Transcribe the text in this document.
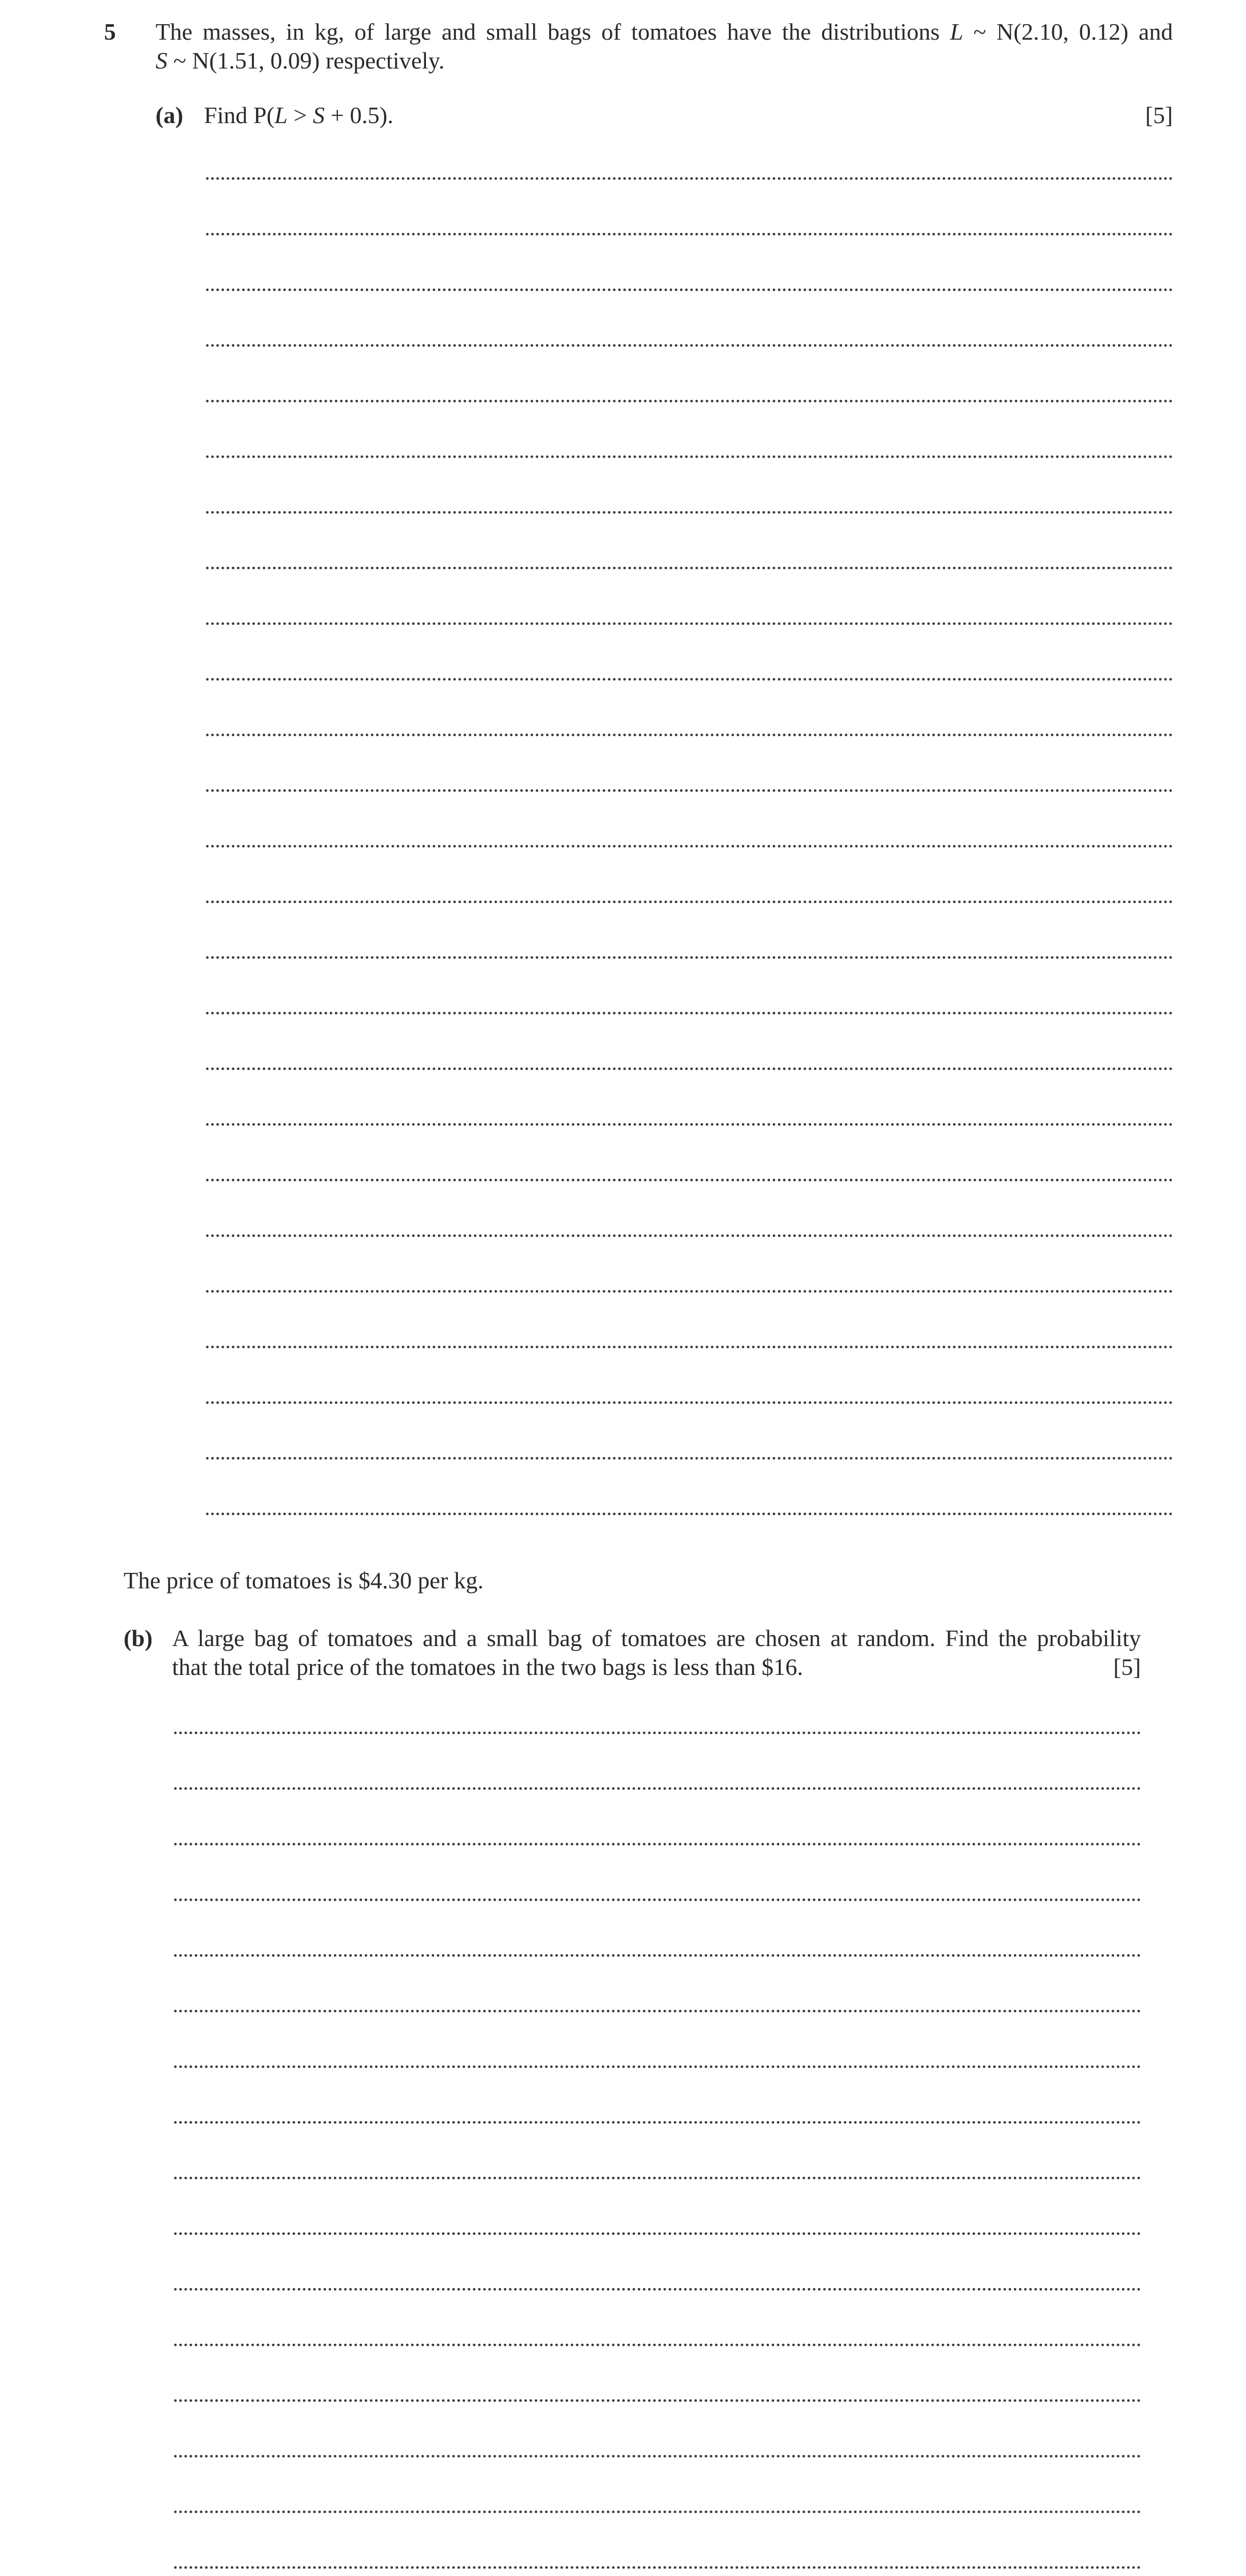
5 The masses, in kg, of large and small bags of tomatoes have the distributions L ~ N(2.10, 0.12) and
S ~ N(1.51, 0.09) respectively.
(a) Find P(L > S + 0.5).	[5]
The price of tomatoes is $4.30 per kg.
(b) A large bag of tomatoes and a small bag of tomatoes are chosen at random. Find the probability
that the total price of the tomatoes in the two bags is less than $16.	[5]
